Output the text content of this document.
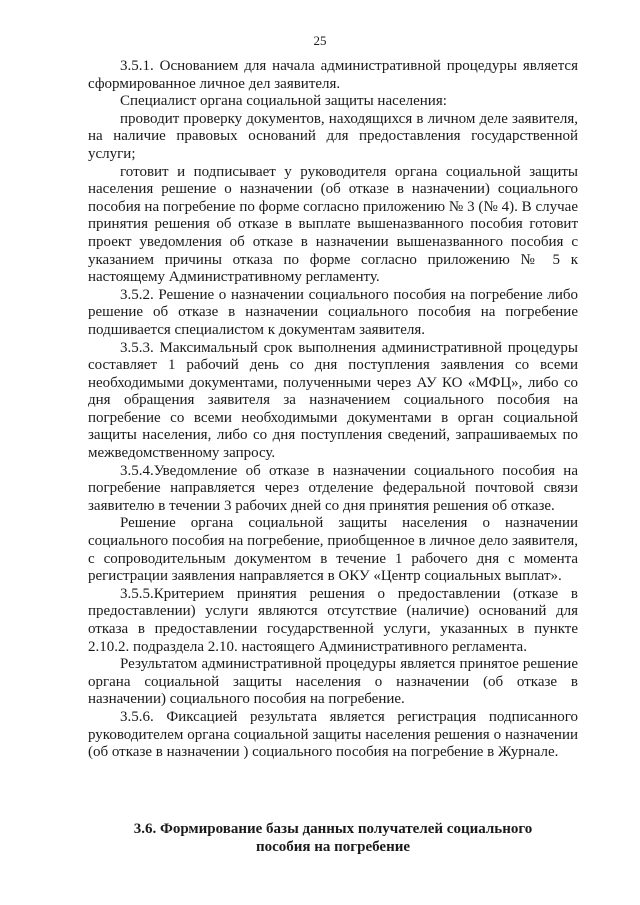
25

3.5.1. Основанием для начала административной процедуры является сформированное личное дел заявителя.

Специалист органа социальной защиты населения:

проводит проверку документов, находящихся в личном деле заявителя, на наличие правовых оснований для предоставления государственной услуги;

готовит и подписывает у руководителя органа социальной защиты населения решение о назначении (об отказе в назначении) социального пособия на погребение по форме согласно приложению № 3 (№ 4). В случае принятия решения об отказе в выплате вышеназванного пособия готовит проект уведомления об отказе в назначении вышеназванного пособия с указанием причины отказа по форме согласно приложению № 5 к настоящему Административному регламенту.

3.5.2. Решение о назначении социального пособия на погребение либо решение об отказе в назначении социального пособия на погребение подшивается специалистом к документам заявителя.

3.5.3. Максимальный срок выполнения административной процедуры составляет 1 рабочий день со дня поступления заявления со всеми необходимыми документами, полученными через АУ КО «МФЦ», либо со дня обращения заявителя за назначением социального пособия на погребение со всеми необходимыми документами в орган социальной защиты населения, либо со дня поступления сведений, запрашиваемых по межведомственному запросу.

3.5.4.Уведомление об отказе в назначении социального пособия на погребение направляется через отделение федеральной почтовой связи заявителю в течении 3 рабочих дней со дня принятия решения об отказе.

Решение органа социальной защиты населения о назначении социального пособия на погребение, приобщенное в личное дело заявителя, с сопроводительным документом в течение 1 рабочего дня с момента регистрации заявления направляется в ОКУ «Центр социальных выплат».

3.5.5.Критерием принятия решения о предоставлении (отказе в предоставлении) услуги являются отсутствие (наличие) оснований для отказа в предоставлении государственной услуги, указанных в пункте 2.10.2. подраздела 2.10. настоящего Административного регламента.

Результатом административной процедуры является принятое решение органа социальной защиты населения о назначении (об отказе в назначении) социального пособия на погребение.

3.5.6. Фиксацией результата является регистрация подписанного руководителем органа социальной защиты населения решения о назначении (об отказе в назначении ) социального пособия на погребение в Журнале.

3.6. Формирование базы данных получателей социального
пособия на погребение
